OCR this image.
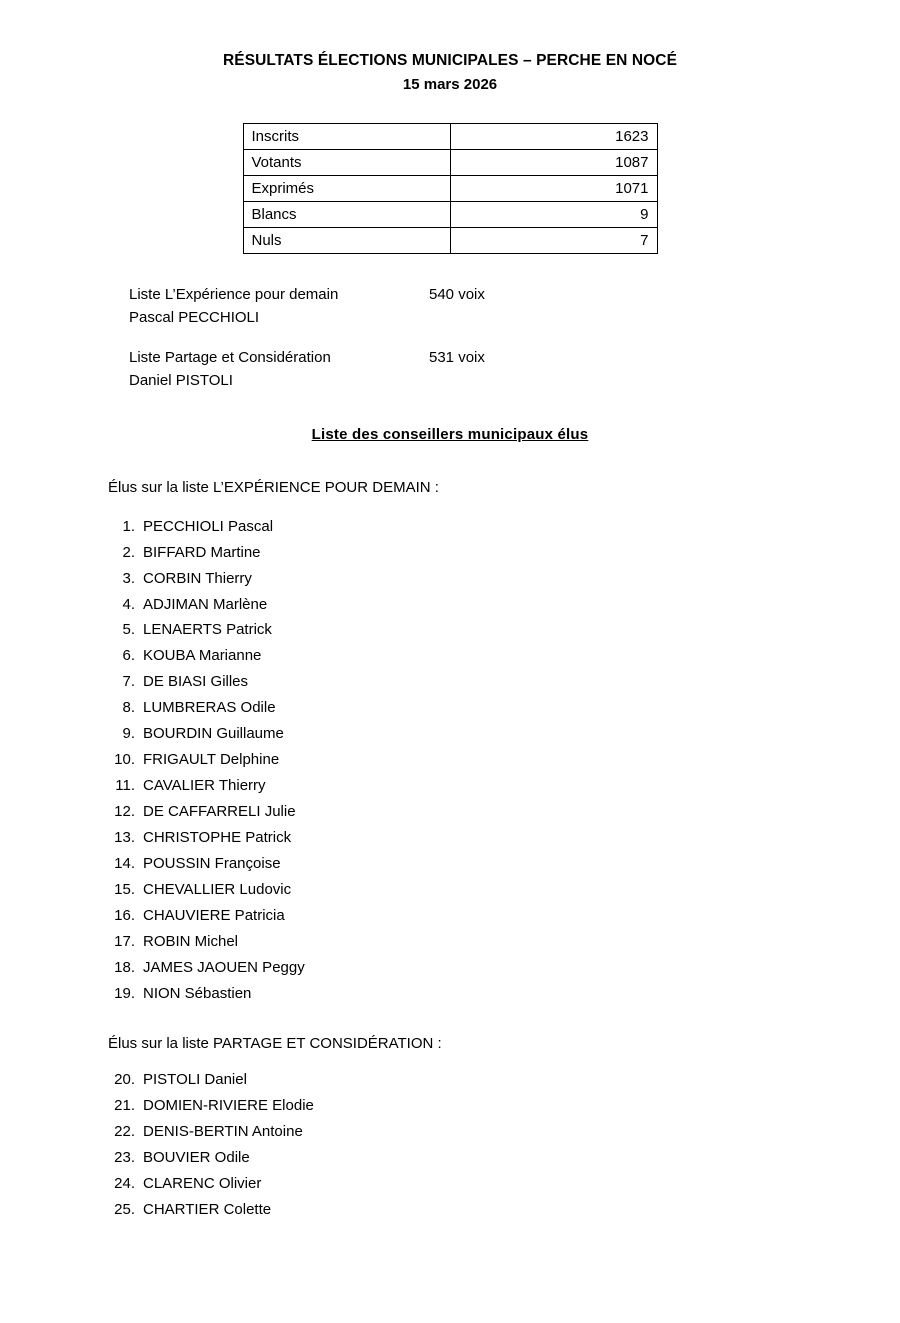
RÉSULTATS ÉLECTIONS MUNICIPALES – PERCHE EN NOCÉ
15 mars 2026
Inscrits	1623
Votants	1087
Exprimés	1071
Blancs	9
Nuls	7
Liste L’Expérience pour demain	540 voix
Pascal PECCHIOLI
Liste Partage et Considération	531 voix
Daniel PISTOLI
Liste des conseillers municipaux élus
Élus sur la liste L’EXPÉRIENCE POUR DEMAIN :
1. PECCHIOLI Pascal
2. BIFFARD Martine
3. CORBIN Thierry
4. ADJIMAN Marlène
5. LENAERTS Patrick
6. KOUBA Marianne
7. DE BIASI Gilles
8. LUMBRERAS Odile
9. BOURDIN Guillaume
10. FRIGAULT Delphine
11. CAVALIER Thierry
12. DE CAFFARRELI Julie
13. CHRISTOPHE Patrick
14. POUSSIN Françoise
15. CHEVALLIER Ludovic
16. CHAUVIERE Patricia
17. ROBIN Michel
18. JAMES JAOUEN Peggy
19. NION Sébastien
Élus sur la liste PARTAGE ET CONSIDÉRATION :
20. PISTOLI Daniel
21. DOMIEN-RIVIERE Elodie
22. DENIS-BERTIN Antoine
23. BOUVIER Odile
24. CLARENC Olivier
25. CHARTIER Colette
